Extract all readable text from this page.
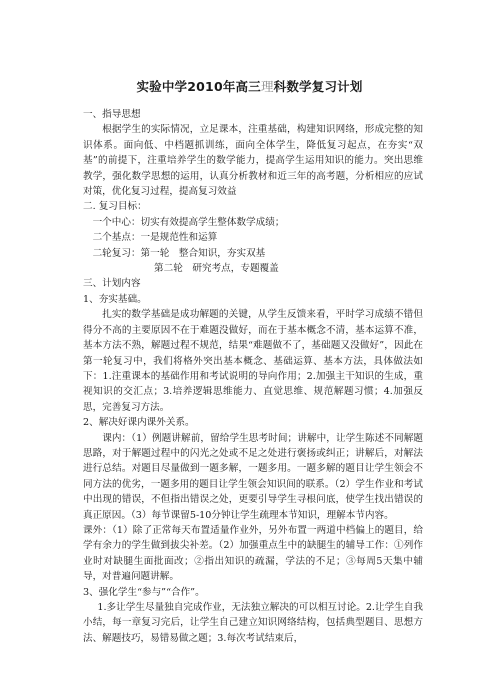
实验中学2010年高三理科数学复习计划

一、指导思想

根据学生的实际情况，立足课本，注重基础，构建知识网络，形成完整的知识体系。面向低、中档题抓训练，面向全体学生，降低复习起点，在夯实“双基”的前提下，注重培养学生的数学能力，提高学生运用知识的能力。突出思维教学，强化数学思想的运用，认真分析教材和近三年的高考题，分析相应的应试对策，优化复习过程，提高复习效益

二. 复习目标：

一个中心：切实有效提高学生整体数学成绩；

二个基点：一是规范性和运算

二轮复习：第一轮　整合知识，夯实双基

第二轮　研究考点，专题覆盖

三、计划内容

1、夯实基础。

扎实的数学基础是成功解题的关键，从学生反馈来看，平时学习成绩不错但得分不高的主要原因不在于难题没做好，而在于基本概念不清，基本运算不准，基本方法不熟，解题过程不规范，结果“难题做不了，基础题又没做好”，因此在第一轮复习中，我们将格外突出基本概念、基础运算、基本方法，具体做法如下：1.注重课本的基础作用和考试说明的导向作用；2.加强主干知识的生成，重视知识的交汇点；3.培养逻辑思维能力、直觉思维、规范解题习惯；4.加强反思，完善复习方法。

2、解决好课内课外关系。

课内：（1）例题讲解前，留给学生思考时间；讲解中，让学生陈述不同解题思路，对于解题过程中的闪光之处或不足之处进行褒扬或纠正；讲解后，对解法进行总结。对题目尽量做到一题多解，一题多用。一题多解的题目让学生领会不同方法的优劣，一题多用的题目让学生领会知识间的联系。（2）学生作业和考试中出现的错误，不但指出错误之处，更要引导学生寻根问底，使学生找出错误的真正原因。（3）每节课留5-10分钟让学生疏理本节知识，理解本节内容。

课外：（1）除了正常每天布置适量作业外，另外布置一两道中档偏上的题目，给学有余力的学生做到拔尖补差。（2）加强重点生中的缺腿生的辅导工作：①列作业时对缺腿生面批面改；②指出知识的疏漏，学法的不足；③每周5天集中辅导，对普遍问题讲解。

3、强化学生“参与”“合作”。

1.多让学生尽量独自完成作业，无法独立解决的可以相互讨论。2.让学生自我小结，每一章复习完后，让学生自己建立知识网络结构，包括典型题目、思想方法、解题技巧，易错易做之题；3.每次考试结束后，
